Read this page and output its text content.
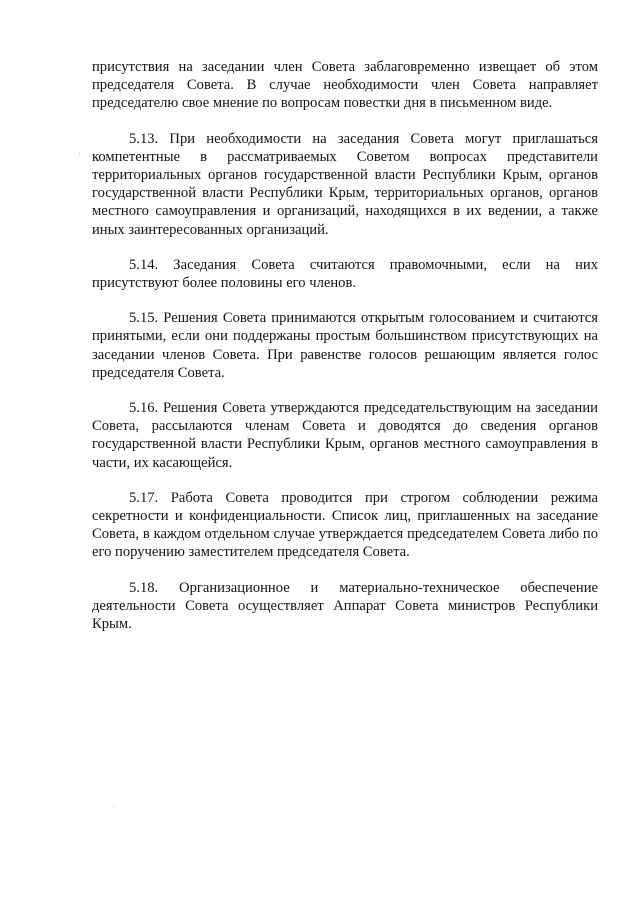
присутствия на заседании член Совета заблаговременно извещает об этом председателя Совета. В случае необходимости член Совета направляет председателю свое мнение по вопросам повестки дня в письменном виде.

5.13. При необходимости на заседания Совета могут приглашаться компетентные в рассматриваемых Советом вопросах представители территориальных органов государственной власти Республики Крым, органов государственной власти Республики Крым, территориальных органов, органов местного самоуправления и организаций, находящихся в их ведении, а также иных заинтересованных организаций.

5.14. Заседания Совета считаются правомочными, если на них присутствуют более половины его членов.

5.15. Решения Совета принимаются открытым голосованием и считаются принятыми, если они поддержаны простым большинством присутствующих на заседании членов Совета. При равенстве голосов решающим является голос председателя Совета.

5.16. Решения Совета утверждаются председательствующим на заседании Совета, рассылаются членам Совета и доводятся до сведения органов государственной власти Республики Крым, органов местного самоуправления в части, их касающейся.

5.17. Работа Совета проводится при строгом соблюдении режима секретности и конфиденциальности. Список лиц, приглашенных на заседание Совета, в каждом отдельном случае утверждается председателем Совета либо по его поручению заместителем председателя Совета.

5.18. Организационное и материально-техническое обеспечение деятельности Совета осуществляет Аппарат Совета министров Республики Крым.
